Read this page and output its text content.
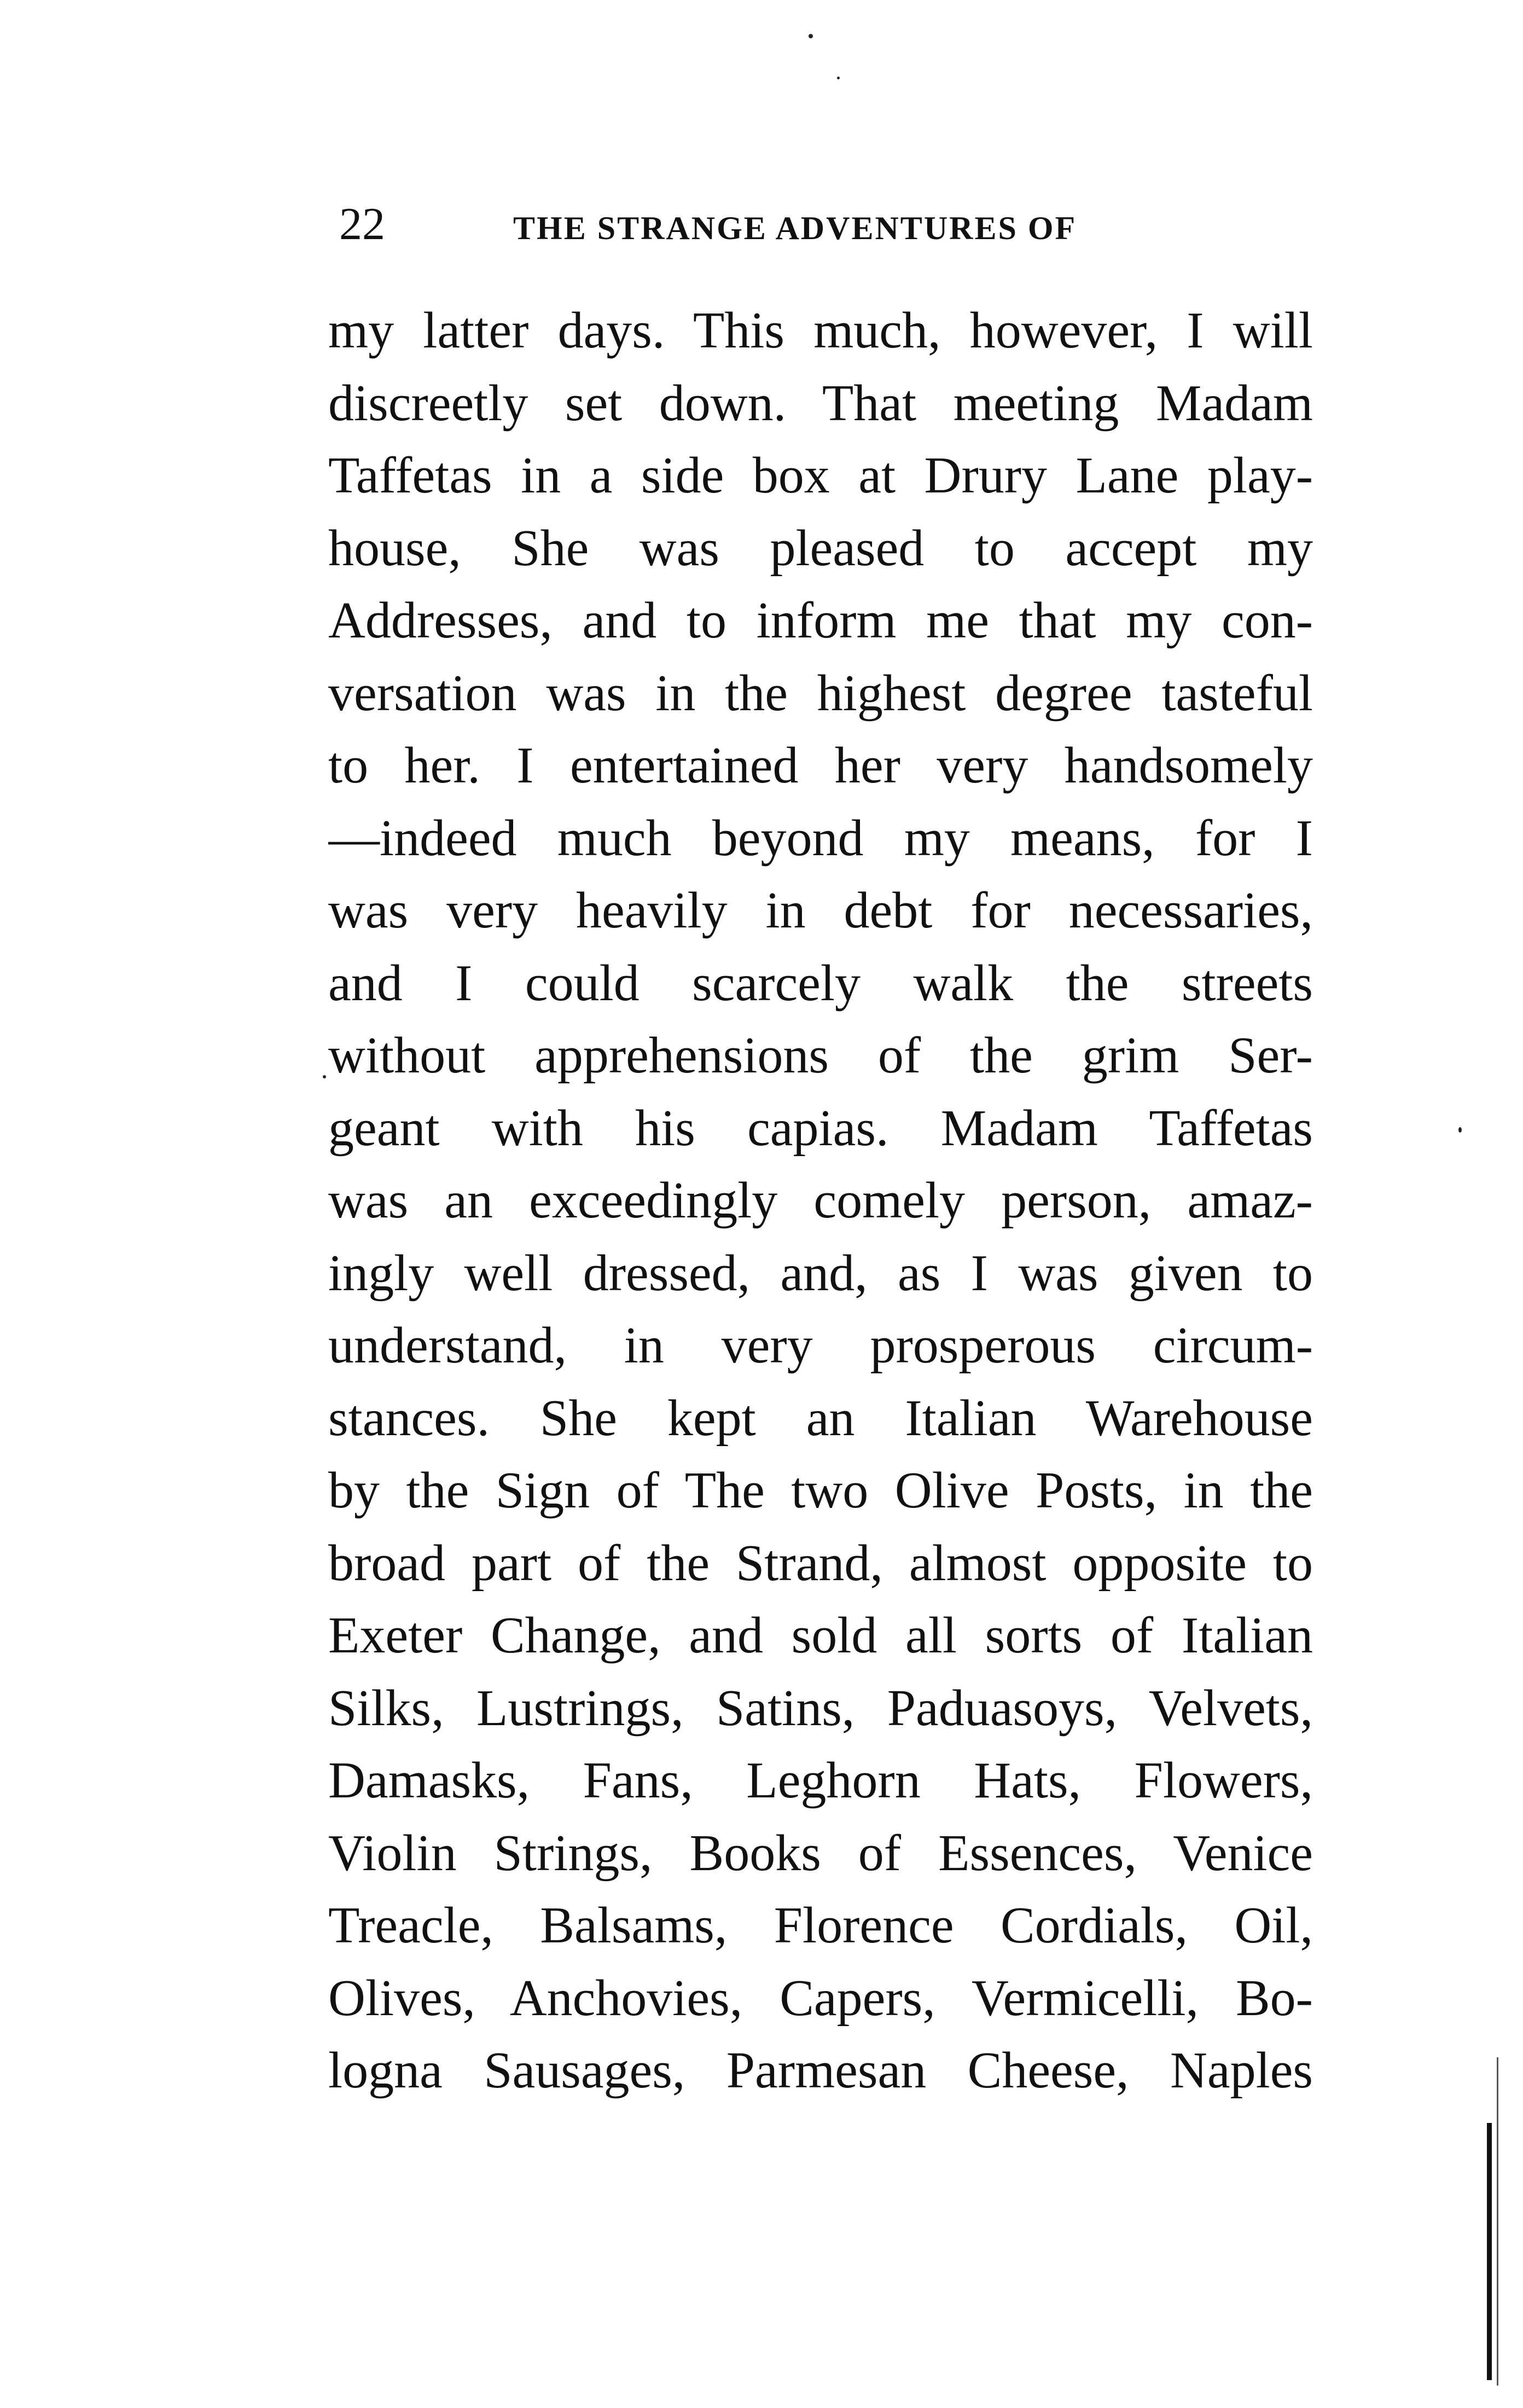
22	THE STRANGE ADVENTURES OF
my latter days. This much, however, I will
discreetly set down. That meeting Madam
Taffetas in a side box at Drury Lane play-
house, She was pleased to accept my
Addresses, and to inform me that my con-
versation was in the highest degree tasteful
to her. I entertained her very handsomely
—indeed much beyond my means, for I
was very heavily in debt for necessaries,
and I could scarcely walk the streets
without apprehensions of the grim Ser-
geant with his capias. Madam Taffetas
was an exceedingly comely person, amaz-
ingly well dressed, and, as I was given to
understand, in very prosperous circum-
stances. She kept an Italian Warehouse
by the Sign of The two Olive Posts, in the
broad part of the Strand, almost opposite to
Exeter Change, and sold all sorts of Italian
Silks, Lustrings, Satins, Paduasoys, Velvets,
Damasks, Fans, Leghorn Hats, Flowers,
Violin Strings, Books of Essences, Venice
Treacle, Balsams, Florence Cordials, Oil,
Olives, Anchovies, Capers, Vermicelli, Bo-
logna Sausages, Parmesan Cheese, Naples
